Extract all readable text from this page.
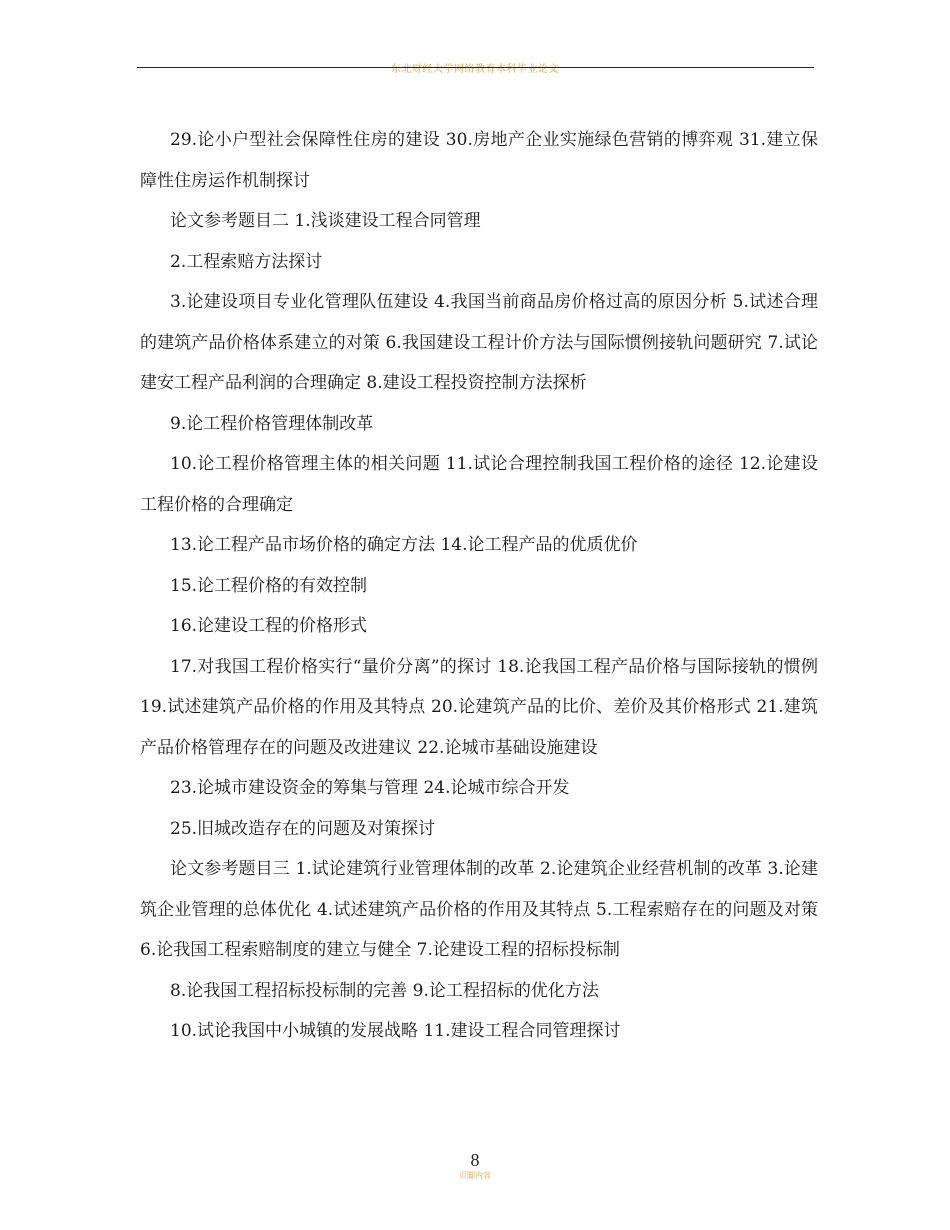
东北财经大学网络教育本科毕业论文

29.论小户型社会保障性住房的建设 30.房地产企业实施绿色营销的博弈观 31.建立保障性住房运作机制探讨

论文参考题目二 1.浅谈建设工程合同管理

2.工程索赔方法探讨

3.论建设项目专业化管理队伍建设 4.我国当前商品房价格过高的原因分析 5.试述合理的建筑产品价格体系建立的对策 6.我国建设工程计价方法与国际惯例接轨问题研究 7.试论建安工程产品利润的合理确定 8.建设工程投资控制方法探析

9.论工程价格管理体制改革

10.论工程价格管理主体的相关问题 11.试论合理控制我国工程价格的途径 12.论建设工程价格的合理确定

13.论工程产品市场价格的确定方法 14.论工程产品的优质优价

15.论工程价格的有效控制

16.论建设工程的价格形式

17.对我国工程价格实行“量价分离”的探讨 18.论我国工程产品价格与国际接轨的惯例 19.试述建筑产品价格的作用及其特点 20.论建筑产品的比价、差价及其价格形式 21.建筑产品价格管理存在的问题及改进建议 22.论城市基础设施建设

23.论城市建设资金的筹集与管理 24.论城市综合开发

25.旧城改造存在的问题及对策探讨

论文参考题目三 1.试论建筑行业管理体制的改革 2.论建筑企业经营机制的改革 3.论建筑企业管理的总体优化 4.试述建筑产品价格的作用及其特点 5.工程索赔存在的问题及对策 6.论我国工程索赔制度的建立与健全 7.论建设工程的招标投标制

8.论我国工程招标投标制的完善 9.论工程招标的优化方法

10.试论我国中小城镇的发展战略 11.建设工程合同管理探讨

8
页脚内容
